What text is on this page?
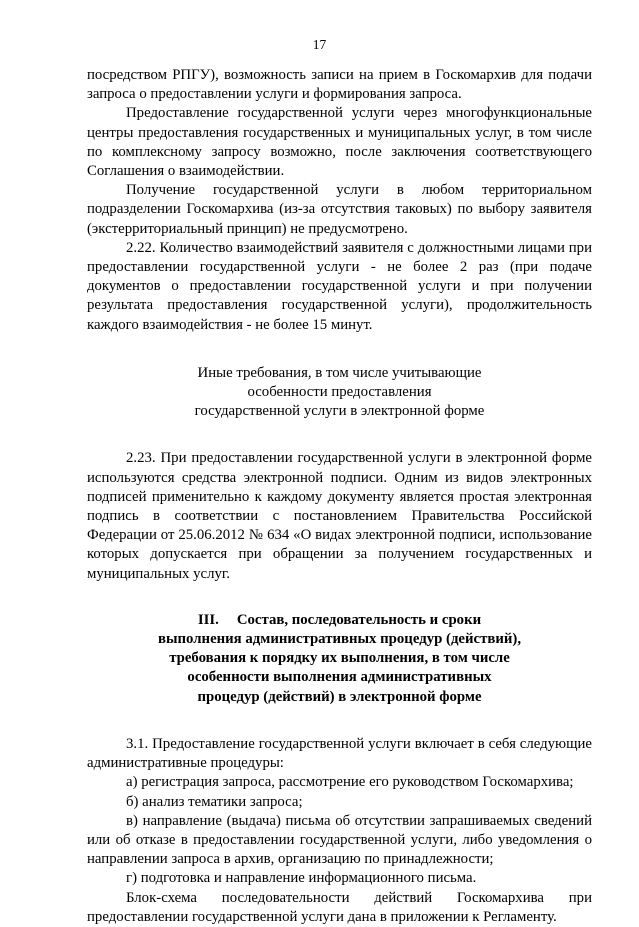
17

посредством РПГУ), возможность записи на прием в Госкомархив для подачи запроса о предоставлении услуги и формирования запроса.

Предоставление государственной услуги через многофункциональные центры предоставления государственных и муниципальных услуг, в том числе по комплексному запросу возможно, после заключения соответствующего Соглашения о взаимодействии.

Получение государственной услуги в любом территориальном подразделении Госкомархива (из-за отсутствия таковых) по выбору заявителя (экстерриториальный принцип) не предусмотрено.

2.22. Количество взаимодействий заявителя с должностными лицами при предоставлении государственной услуги - не более 2 раз (при подаче документов о предоставлении государственной услуги и при получении результата предоставления государственной услуги), продолжительность каждого взаимодействия - не более 15 минут.

Иные требования, в том числе учитывающие
особенности предоставления
государственной услуги в электронной форме

2.23. При предоставлении государственной услуги в электронной форме используются средства электронной подписи. Одним из видов электронных подписей применительно к каждому документу является простая электронная подпись в соответствии с постановлением Правительства Российской Федерации от 25.06.2012 № 634 «О видах электронной подписи, использование которых допускается при обращении за получением государственных и муниципальных услуг.

III. Состав, последовательность и сроки
выполнения административных процедур (действий),
требования к порядку их выполнения, в том числе
особенности выполнения административных
процедур (действий) в электронной форме

3.1. Предоставление государственной услуги включает в себя следующие административные процедуры:

а) регистрация запроса, рассмотрение его руководством Госкомархива;

б) анализ тематики запроса;

в) направление (выдача) письма об отсутствии запрашиваемых сведений или об отказе в предоставлении государственной услуги, либо уведомления о направлении запроса в архив, организацию по принадлежности;

г) подготовка и направление информационного письма.

Блок-схема последовательности действий Госкомархива при предоставлении государственной услуги дана в приложении к Регламенту.
